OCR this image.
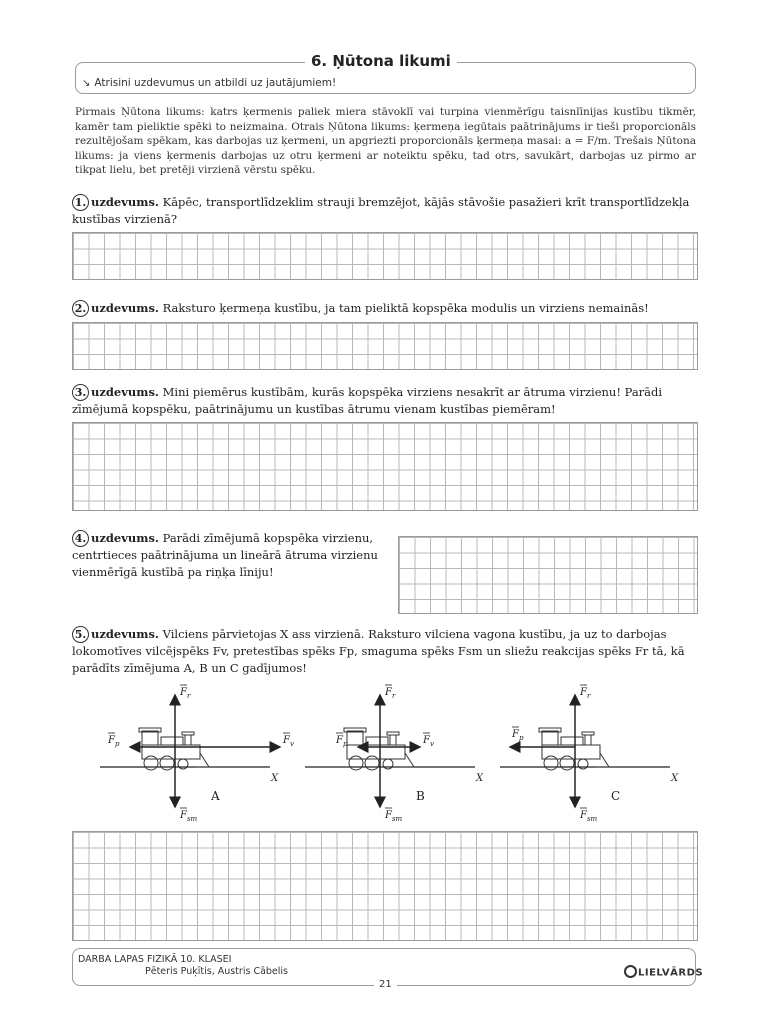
6. Ņūtona likumi
↘ Atrisini uzdevumus un atbildi uz jautājumiem!
Pirmais Ņūtona likums: katrs ķermenis paliek miera stāvoklī vai turpina vienmērīgu taisnlīnijas kustību tikmēr, kamēr tam pieliktie spēki to neizmaina. Otrais Ņūtona likums: ķermeņa iegūtais paātrinājums ir tieši proporcionāls rezultējošam spēkam, kas darbojas uz ķermeni, un apgriezti proporcionāls ķermeņa masai: a = F/m. Trešais Ņūtona likums: ja viens ķermenis darbojas uz otru ķermeni ar noteiktu spēku, tad otrs, savukārt, darbojas uz pirmo ar tikpat lielu, bet pretēji virzienā vērstu spēku.
1. uzdevums. Kāpēc, transportlīdzeklim strauji bremzējot, kājās stāvošie pasažieri krīt transportlīdzekļa kustības virzienā?
2. uzdevums. Raksturo ķermeņa kustību, ja tam pieliktā kopspēka modulis un virziens nemainās!
3. uzdevums. Mini piemērus kustībām, kurās kopspēka virziens nesakrīt ar ātruma virzienu! Parādi zīmējumā kopspēku, paātrinājumu un kustības ātrumu vienam kustības piemēram!
4. uzdevums. Parādi zīmējumā kopspēka virzienu, centrtieces paātrinājuma un lineārā ātruma virzienu vienmērīgā kustībā pa riņķa līniju!
5. uzdevums. Vilciens pārvietojas X ass virzienā. Raksturo vilciena vagona kustību, ja uz to darbojas lokomotīves vilcējspēks Fv, pretestības spēks Fp, smaguma spēks Fsm un sliežu reakcijas spēks Fr tā, kā parādīts zīmējuma A, B un C gadījumos!
$F_r$
$F_{sm}$
$F_p$	$F_v$
X
A
$F_r$
$F_{sm}$
$F_p$	$F_v$
X
B
$F_r$
$F_{sm}$
$F_p$
X
C
DARBA LAPAS FIZIKĀ 10. KLASEI
Pēteris Puķītis, Austris Cābelis
21
LIELVĀRDS
